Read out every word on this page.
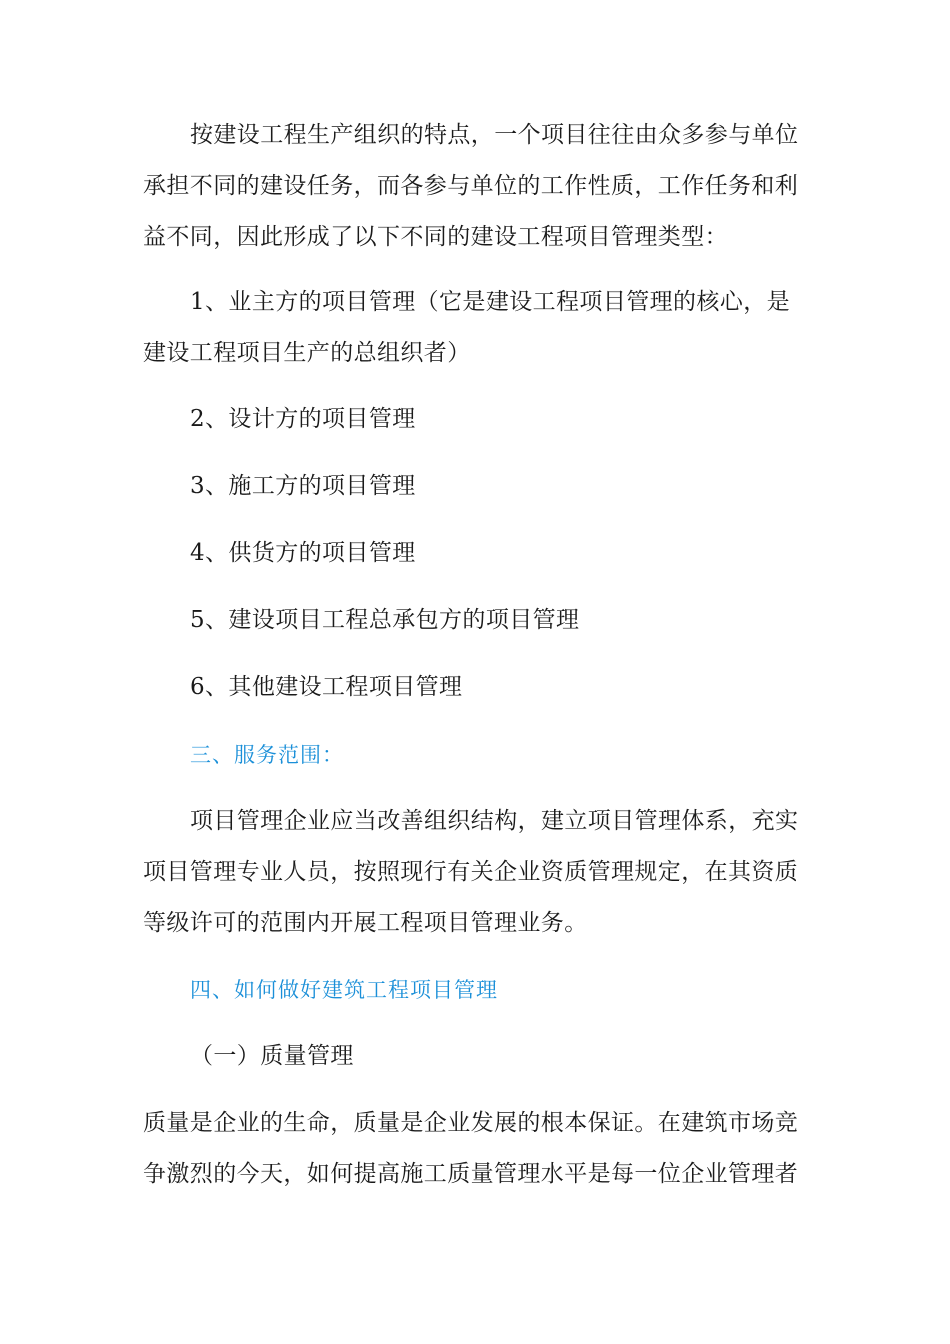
按建设工程生产组织的特点，一个项目往往由众多参与单位
承担不同的建设任务，而各参与单位的工作性质，工作任务和利
益不同，因此形成了以下不同的建设工程项目管理类型：
1、业主方的项目管理（它是建设工程项目管理的核心，是
建设工程项目生产的总组织者）
2、设计方的项目管理
3、施工方的项目管理
4、供货方的项目管理
5、建设项目工程总承包方的项目管理
6、其他建设工程项目管理
三、服务范围：
项目管理企业应当改善组织结构，建立项目管理体系，充实
项目管理专业人员，按照现行有关企业资质管理规定，在其资质
等级许可的范围内开展工程项目管理业务。
四、如何做好建筑工程项目管理
（一）质量管理
质量是企业的生命，质量是企业发展的根本保证。在建筑市场竞
争激烈的今天，如何提高施工质量管理水平是每一位企业管理者
